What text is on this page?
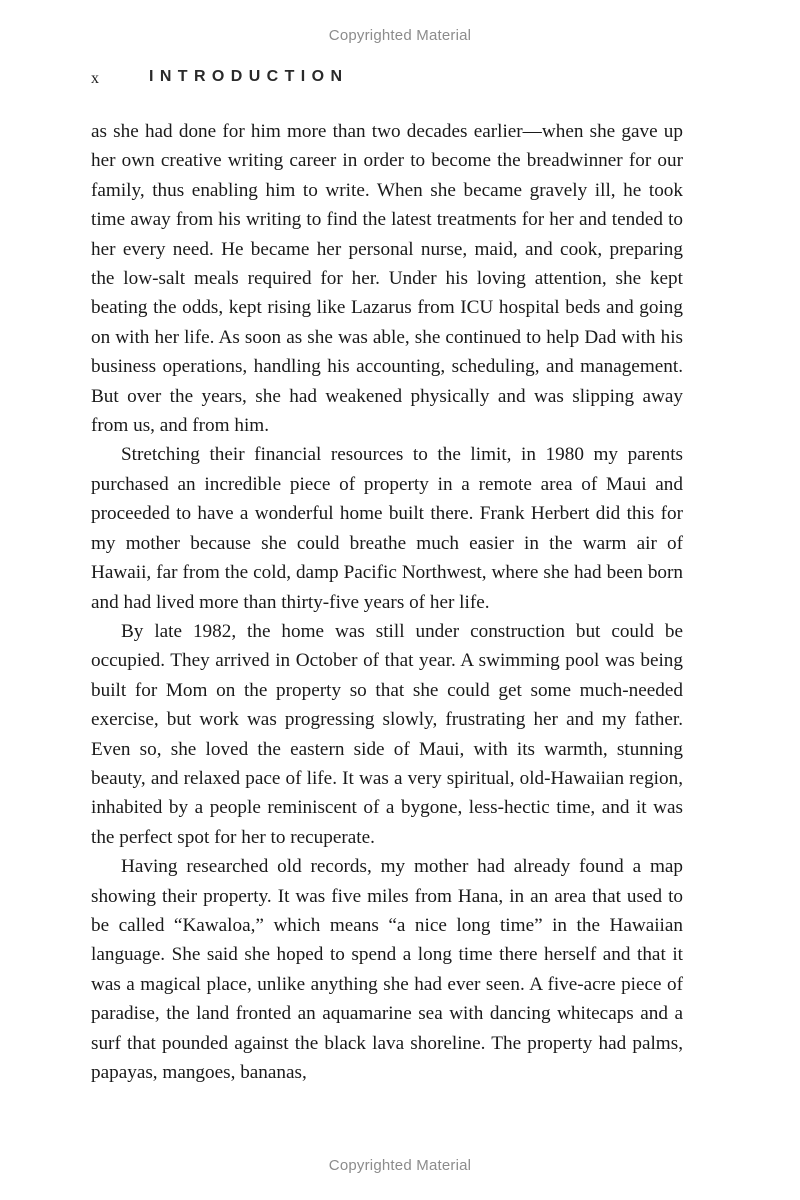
Copyrighted Material
x	INTRODUCTION

as she had done for him more than two decades earlier—when she gave up her own creative writing career in order to become the breadwinner for our family, thus enabling him to write. When she became gravely ill, he took time away from his writing to find the latest treatments for her and tended to her every need. He became her personal nurse, maid, and cook, preparing the low-salt meals required for her. Under his loving attention, she kept beating the odds, kept rising like Lazarus from ICU hospital beds and going on with her life. As soon as she was able, she continued to help Dad with his business operations, handling his accounting, scheduling, and management. But over the years, she had weakened physically and was slipping away from us, and from him.

Stretching their financial resources to the limit, in 1980 my parents purchased an incredible piece of property in a remote area of Maui and proceeded to have a wonderful home built there. Frank Herbert did this for my mother because she could breathe much easier in the warm air of Hawaii, far from the cold, damp Pacific Northwest, where she had been born and had lived more than thirty-five years of her life.

By late 1982, the home was still under construction but could be occupied. They arrived in October of that year. A swimming pool was being built for Mom on the property so that she could get some much-needed exercise, but work was progressing slowly, frustrating her and my father. Even so, she loved the eastern side of Maui, with its warmth, stunning beauty, and relaxed pace of life. It was a very spiritual, old-Hawaiian region, inhabited by a people reminiscent of a bygone, less-hectic time, and it was the perfect spot for her to recuperate.

Having researched old records, my mother had already found a map showing their property. It was five miles from Hana, in an area that used to be called “Kawaloa,” which means “a nice long time” in the Hawaiian language. She said she hoped to spend a long time there herself and that it was a magical place, unlike anything she had ever seen. A five-acre piece of paradise, the land fronted an aquamarine sea with dancing whitecaps and a surf that pounded against the black lava shoreline. The property had palms, papayas, mangoes, bananas,

Copyrighted Material
